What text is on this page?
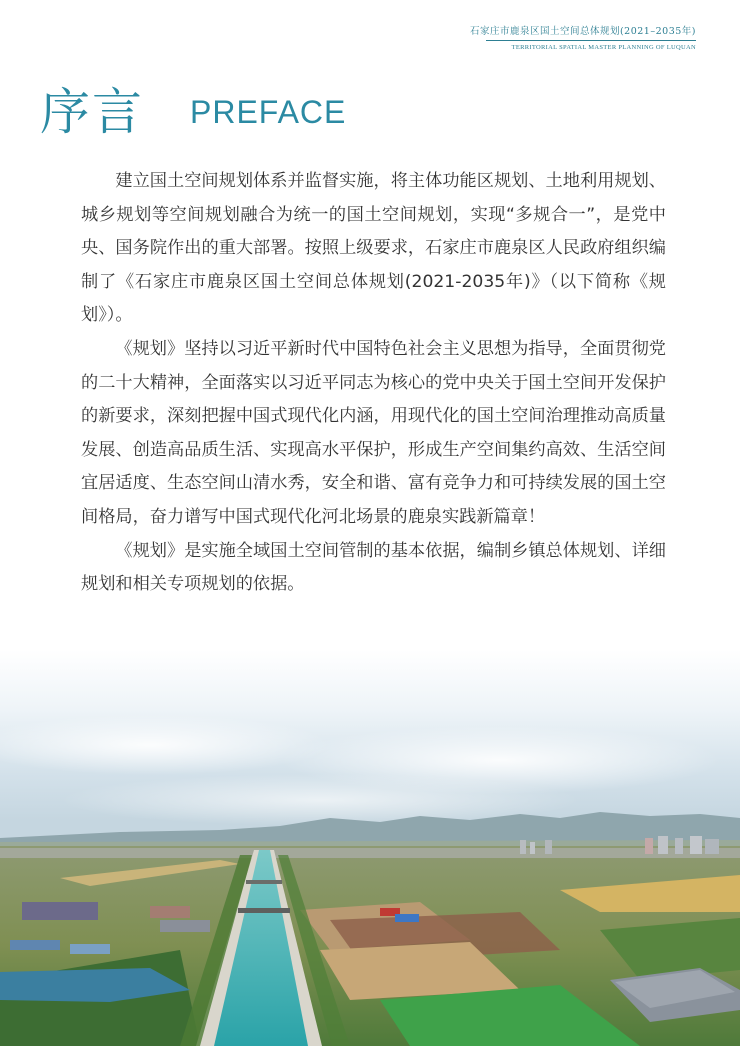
石家庄市鹿泉区国土空间总体规划(2021–2035年)
TERRITORIAL SPATIAL MASTER PLANNING OF LUQUAN
序言 PREFACE

建立国土空间规划体系并监督实施，将主体功能区规划、土地利用规划、城乡规划等空间规划融合为统一的国土空间规划，实现“多规合一”，是党中央、国务院作出的重大部署。按照上级要求，石家庄市鹿泉区人民政府组织编制了《石家庄市鹿泉区国土空间总体规划(2021-2035年)》（以下简称《规划》）。

《规划》坚持以习近平新时代中国特色社会主义思想为指导，全面贯彻党的二十大精神，全面落实以习近平同志为核心的党中央关于国土空间开发保护的新要求，深刻把握中国式现代化内涵，用现代化的国土空间治理推动高质量发展、创造高品质生活、实现高水平保护，形成生产空间集约高效、生活空间宜居适度、生态空间山清水秀，安全和谐、富有竞争力和可持续发展的国土空间格局，奋力谱写中国式现代化河北场景的鹿泉实践新篇章！

《规划》是实施全域国土空间管制的基本依据，编制乡镇总体规划、详细规划和相关专项规划的依据。
